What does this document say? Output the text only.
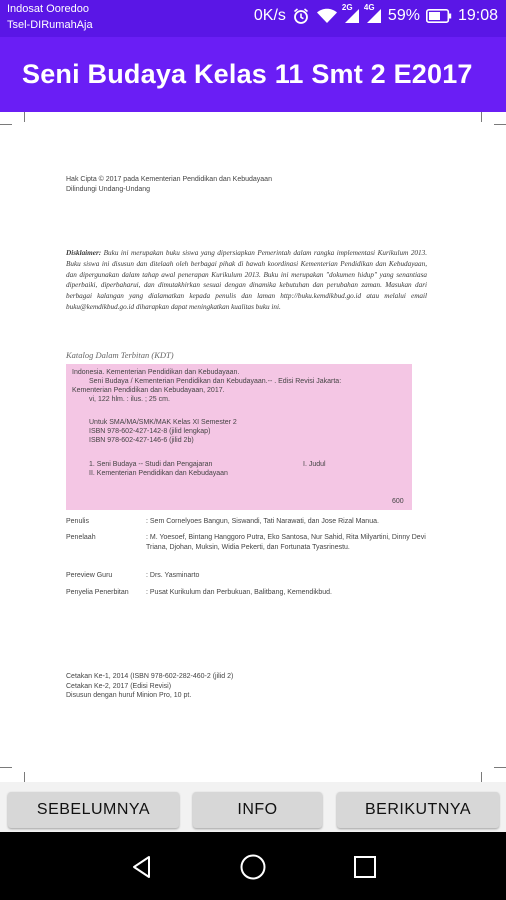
Indosat Ooredoo
Tsel-DIRumahAja
0K/s	2G 4G 59% 19:08
Seni Budaya Kelas 11 Smt 2 E2017
Hak Cipta © 2017 pada Kementerian Pendidikan dan Kebudayaan
Dilindungi Undang-Undang
Disklaimer: Buku ini merupakan buku siswa yang dipersiapkan Pemerintah dalam rangka implementasi Kurikulum 2013. Buku siswa ini disusun dan ditelaah oleh berbagai pihak di bawah koordinasi Kementerian Pendidikan dan Kebudayaan, dan dipergunakan dalam tahap awal penerapan Kurikulum 2013. Buku ini merupakan "dokumen hidup" yang senantiasa diperbaiki, diperbaharui, dan dimutakhirkan sesuai dengan dinamika kebutuhan dan perubahan zaman. Masukan dari berbagai kalangan yang dialamatkan kepada penulis dan laman http://buku.kemdikbud.go.id atau melalui email buku@kemdikbud.go.id diharapkan dapat meningkatkan kualitas buku ini.
Katalog Dalam Terbitan (KDT)
Indonesia. Kementerian Pendidikan dan Kebudayaan.
Seni Budaya / Kementerian Pendidikan dan Kebudayaan.-- . Edisi Revisi Jakarta:
Kementerian Pendidikan dan Kebudayaan, 2017.
vi, 122 hlm. : ilus. ; 25 cm.
Untuk SMA/MA/SMK/MAK Kelas XI Semester 2
ISBN 978-602-427-142-8 (jilid lengkap)
ISBN 978-602-427-146-6 (jilid 2b)
1. Seni Budaya -- Studi dan Pengajaran	I. Judul
II. Kementerian Pendidikan dan Kebudayaan
600
Penulis	: Sem Cornelyoes Bangun, Siswandi, Tati Narawati, dan Jose Rizal Manua.
Penelaah	: M. Yoesoef, Bintang Hanggoro Putra, Eko Santosa, Nur Sahid, Rita Milyartini, Dinny Devi Triana, Djohan, Muksin, Widia Pekerti, dan Fortunata Tyasrinestu.
Pereview Guru	: Drs. Yasminarto
Penyelia Penerbitan	: Pusat Kurikulum dan Perbukuan, Balitbang, Kemendikbud.
Cetakan Ke-1, 2014 (ISBN 978-602-282-460-2 (jilid 2)
Cetakan Ke-2, 2017 (Edisi Revisi)
Disusun dengan huruf Minion Pro, 10 pt.
SEBELUMNYA	INFO	BERIKUTNYA
